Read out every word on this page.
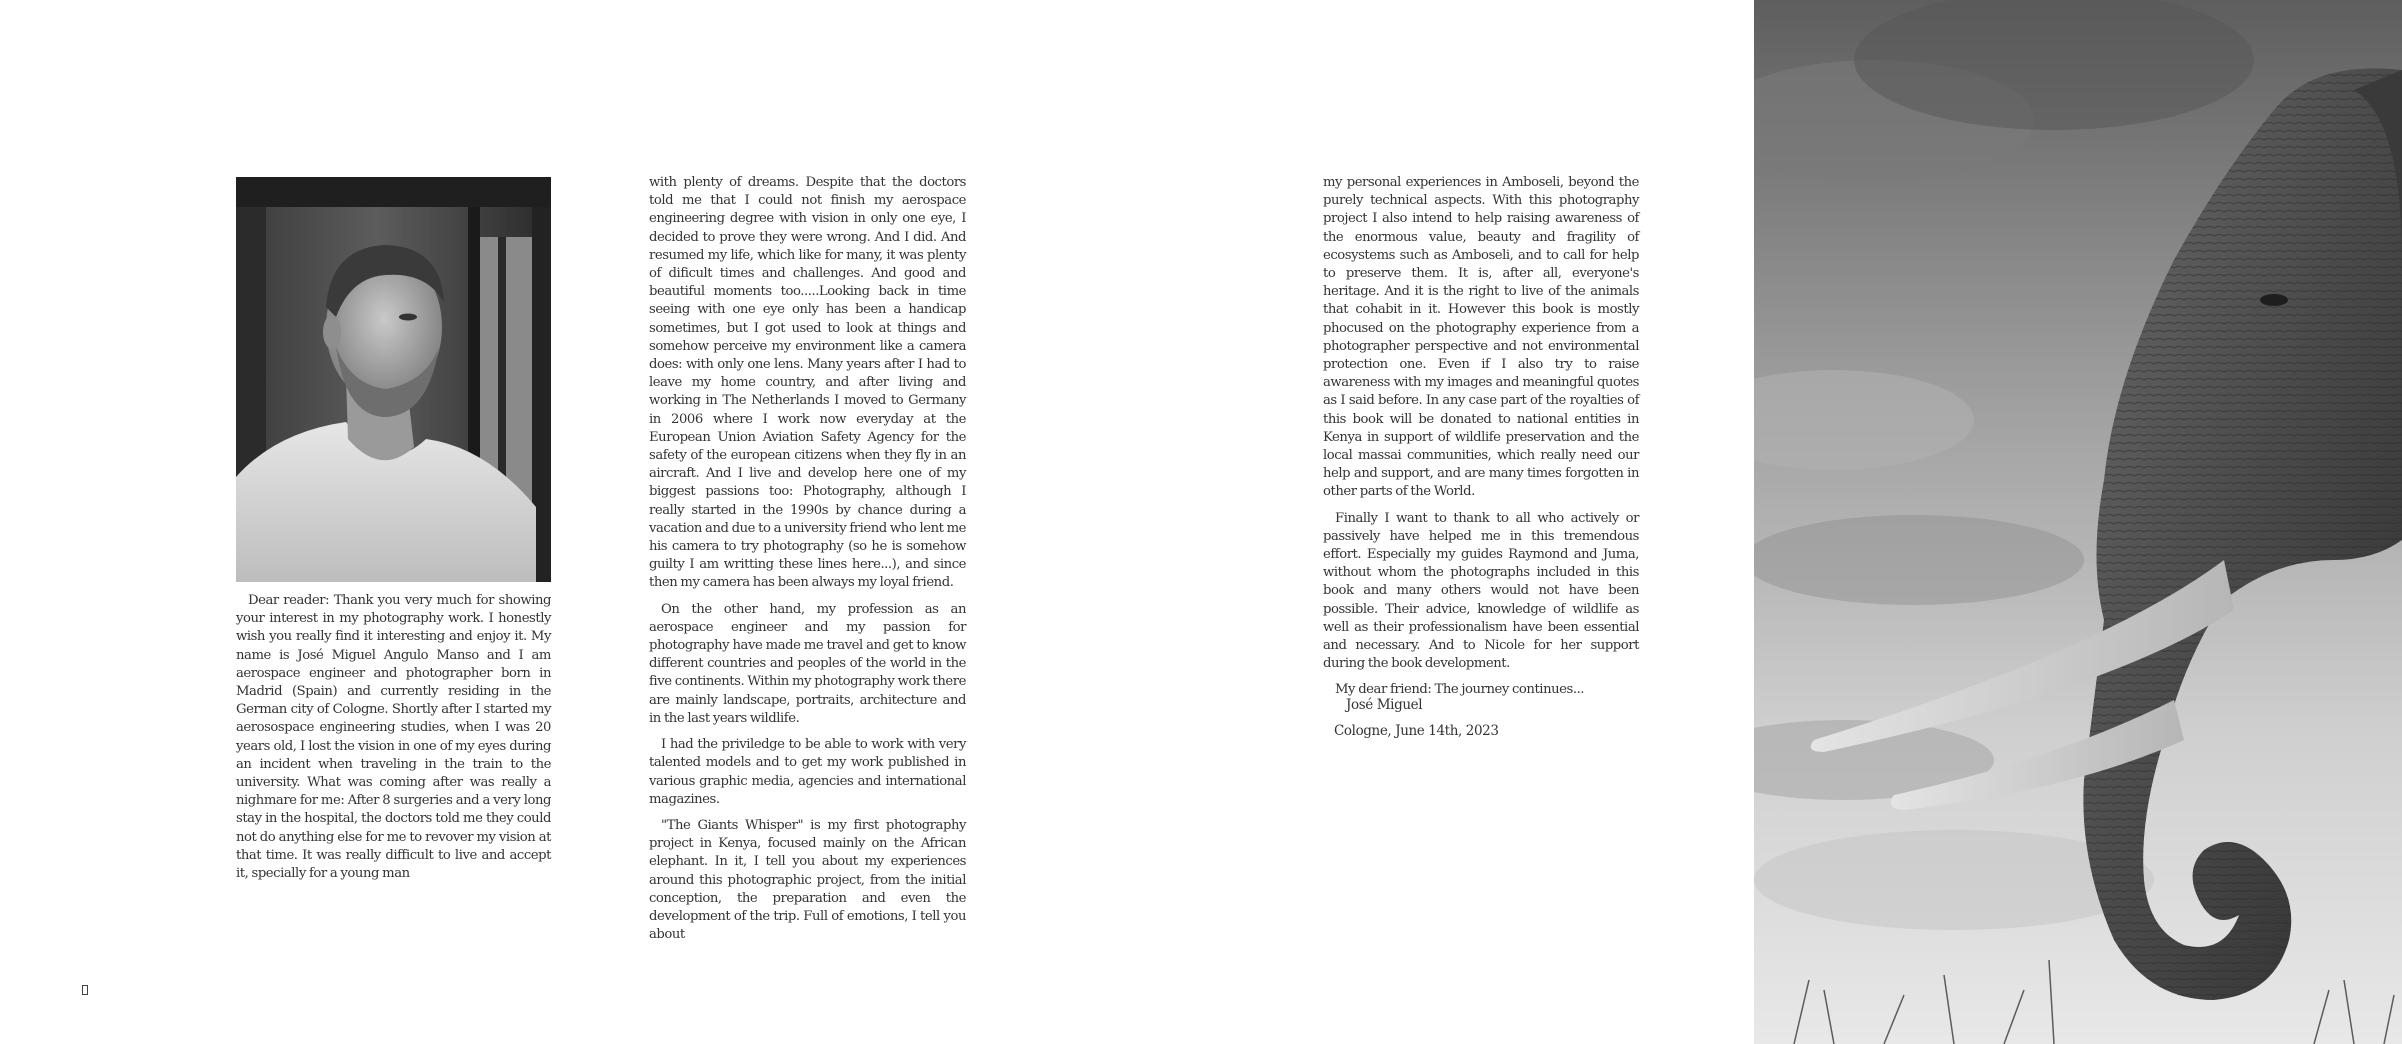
Dear reader: Thank you very much for showing your interest in my photography work. I honestly wish you really find it interesting and enjoy it. My name is José Miguel Angulo Manso and I am aerospace engineer and photographer born in Madrid (Spain) and currently residing in the German city of Cologne. Shortly after I started my aerosospace engineering studies, when I was 20 years old, I lost the vision in one of my eyes during an incident when traveling in the train to the university. What was coming after was really a nighmare for me: After 8 surgeries and a very long stay in the hospital, the doctors told me they could not do anything else for me to revover my vision at that time. It was really difficult to live and accept it, specially for a young man

with plenty of dreams. Despite that the doctors told me that I could not finish my aerospace engineering degree with vision in only one eye, I decided to prove they were wrong. And I did. And resumed my life, which like for many, it was plenty of dificult times and challenges. And good and beautiful moments too.....Looking back in time seeing with one eye only has been a handicap sometimes, but I got used to look at things and somehow perceive my environment like a camera does: with only one lens. Many years after I had to leave my home country, and after living and working in The Netherlands I moved to Germany in 2006 where I work now everyday at the European Union Aviation Safety Agency for the safety of the european citizens when they fly in an aircraft. And I live and develop here one of my biggest passions too: Photography, although I really started in the 1990s by chance during a vacation and due to a university friend who lent me his camera to try photography (so he is somehow guilty I am writting these lines here...), and since then my camera has been always my loyal friend.

On the other hand, my profession as an aerospace engineer and my passion for photography have made me travel and get to know different countries and peoples of the world in the five continents. Within my photography work there are mainly landscape, portraits, architecture and in the last years wildlife.

I had the priviledge to be able to work with very talented models and to get my work published in various graphic media, agencies and international magazines.

"The Giants Whisper" is my first photography project in Kenya, focused mainly on the African elephant. In it, I tell you about my experiences around this photographic project, from the initial conception, the preparation and even the development of the trip. Full of emotions, I tell you about

my personal experiences in Amboseli, beyond the purely technical aspects. With this photography project I also intend to help raising awareness of the enormous value, beauty and fragility of ecosystems such as Amboseli, and to call for help to preserve them. It is, after all, everyone's heritage. And it is the right to live of the animals that cohabit in it. However this book is mostly phocused on the photography experience from a photographer perspective and not environmental protection one. Even if I also try to raise awareness with my images and meaningful quotes as I said before. In any case part of the royalties of this book will be donated to national entities in Kenya in support of wildlife preservation and the local massai communities, which really need our help and support, and are many times forgotten in other parts of the World.

Finally I want to thank to all who actively or passively have helped me in this tremendous effort. Especially my guides Raymond and Juma, without whom the photographs included in this book and many others would not have been possible. Their advice, knowledge of wildlife as well as their professionalism have been essential and necessary. And to Nicole for her support during the book development.

My dear friend: The journey continues...

José Miguel
Cologne, June 14th, 2023
